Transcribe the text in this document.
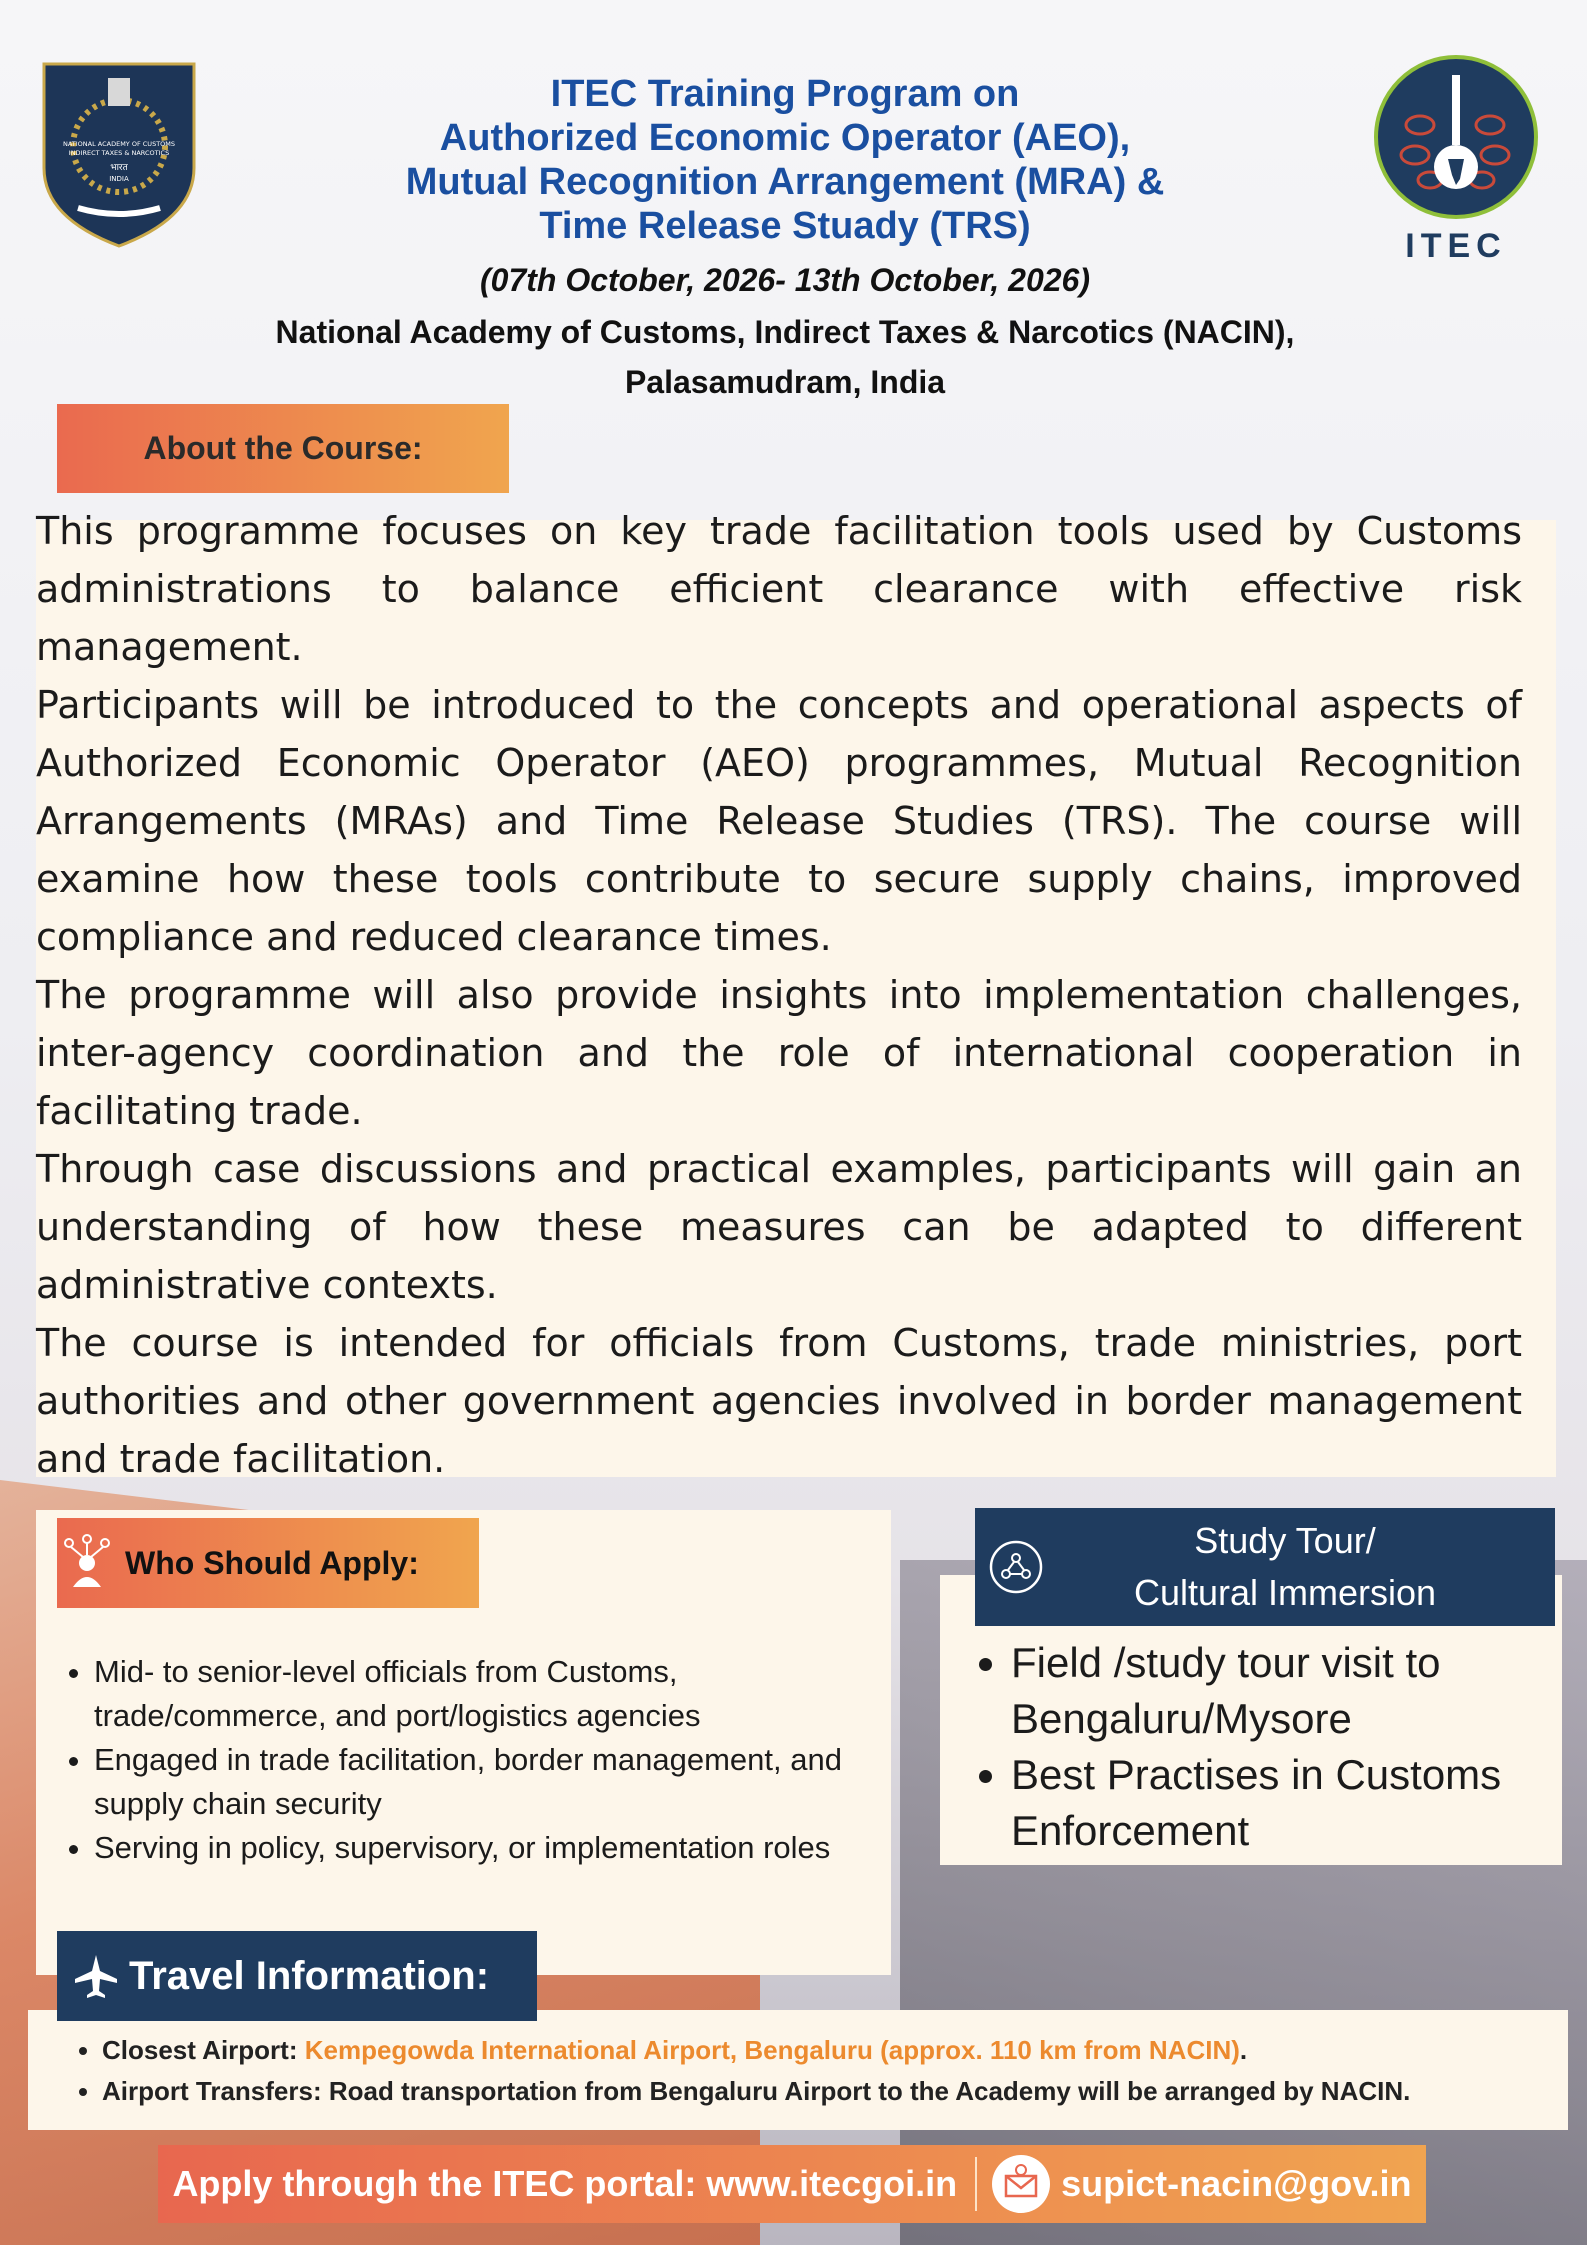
NATIONAL ACADEMY OF CUSTOMS
INDIRECT TAXES & NARCOTICS
भारत
INDIA
ITEC
ITEC Training Program on
Authorized Economic Operator (AEO),
Mutual Recognition Arrangement (MRA) &
Time Release Stuady (TRS)
(07th October, 2026- 13th October, 2026)
National Academy of Customs, Indirect Taxes & Narcotics (NACIN),
Palasamudram, India
About the Course:

This programme focuses on key trade facilitation tools used by Customs administrations to balance efficient clearance with effective risk management.

Participants will be introduced to the concepts and operational aspects of Authorized Economic Operator (AEO) programmes, Mutual Recognition Arrangements (MRAs) and Time Release Studies (TRS). The course will examine how these tools contribute to secure supply chains, improved compliance and reduced clearance times.

The programme will also provide insights into implementation challenges, inter-agency coordination and the role of international cooperation in facilitating trade.

Through case discussions and practical examples, participants will gain an understanding of how these measures can be adapted to different administrative contexts.

The course is intended for officials from Customs, trade ministries, port authorities and other government agencies involved in border management and trade facilitation.

Who Should Apply:
• Mid- to senior-level officials from Customs, trade/commerce, and port/logistics agencies
• Engaged in trade facilitation, border management, and supply chain security
• Serving in policy, supervisory, or implementation roles
Study Tour/
Cultural Immersion
• Field /study tour visit to Bengaluru/Mysore
• Best Practises in Customs Enforcement
Travel Information:
• Closest Airport: Kempegowda International Airport, Bengaluru (approx. 110 km from NACIN).
• Airport Transfers: Road transportation from Bengaluru Airport to the Academy will be arranged by NACIN.
Apply through the ITEC portal: www.itecgoi.in	supict-nacin@gov.in
